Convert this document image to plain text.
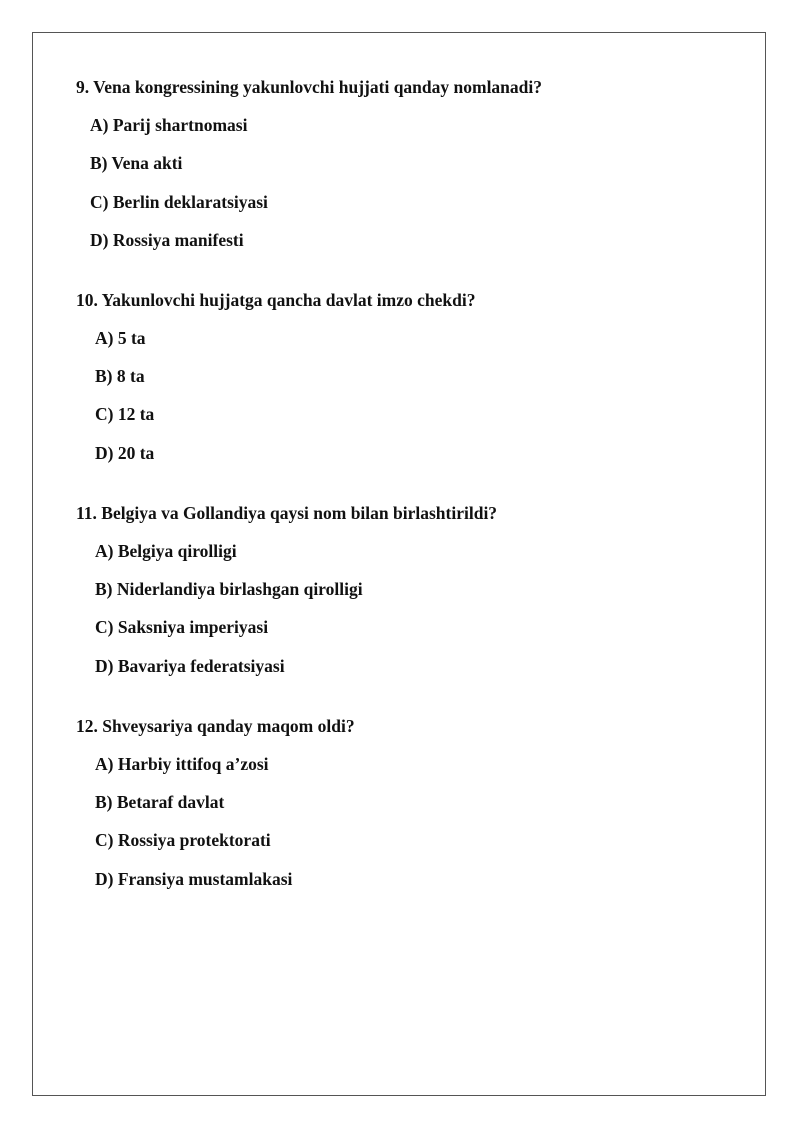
9. Vena kongressining yakunlovchi hujjati qanday nomlanadi?

A) Parij shartnomasi
B) Vena akti
C) Berlin deklaratsiyasi
D) Rossiya manifesti

10. Yakunlovchi hujjatga qancha davlat imzo chekdi?

A) 5 ta
B) 8 ta
C) 12 ta
D) 20 ta

11. Belgiya va Gollandiya qaysi nom bilan birlashtirildi?

A) Belgiya qirolligi
B) Niderlandiya birlashgan qirolligi
C) Saksniya imperiyasi
D) Bavariya federatsiyasi

12. Shveysariya qanday maqom oldi?

A) Harbiy ittifoq a’zosi
B) Betaraf davlat
C) Rossiya protektorati
D) Fransiya mustamlakasi
